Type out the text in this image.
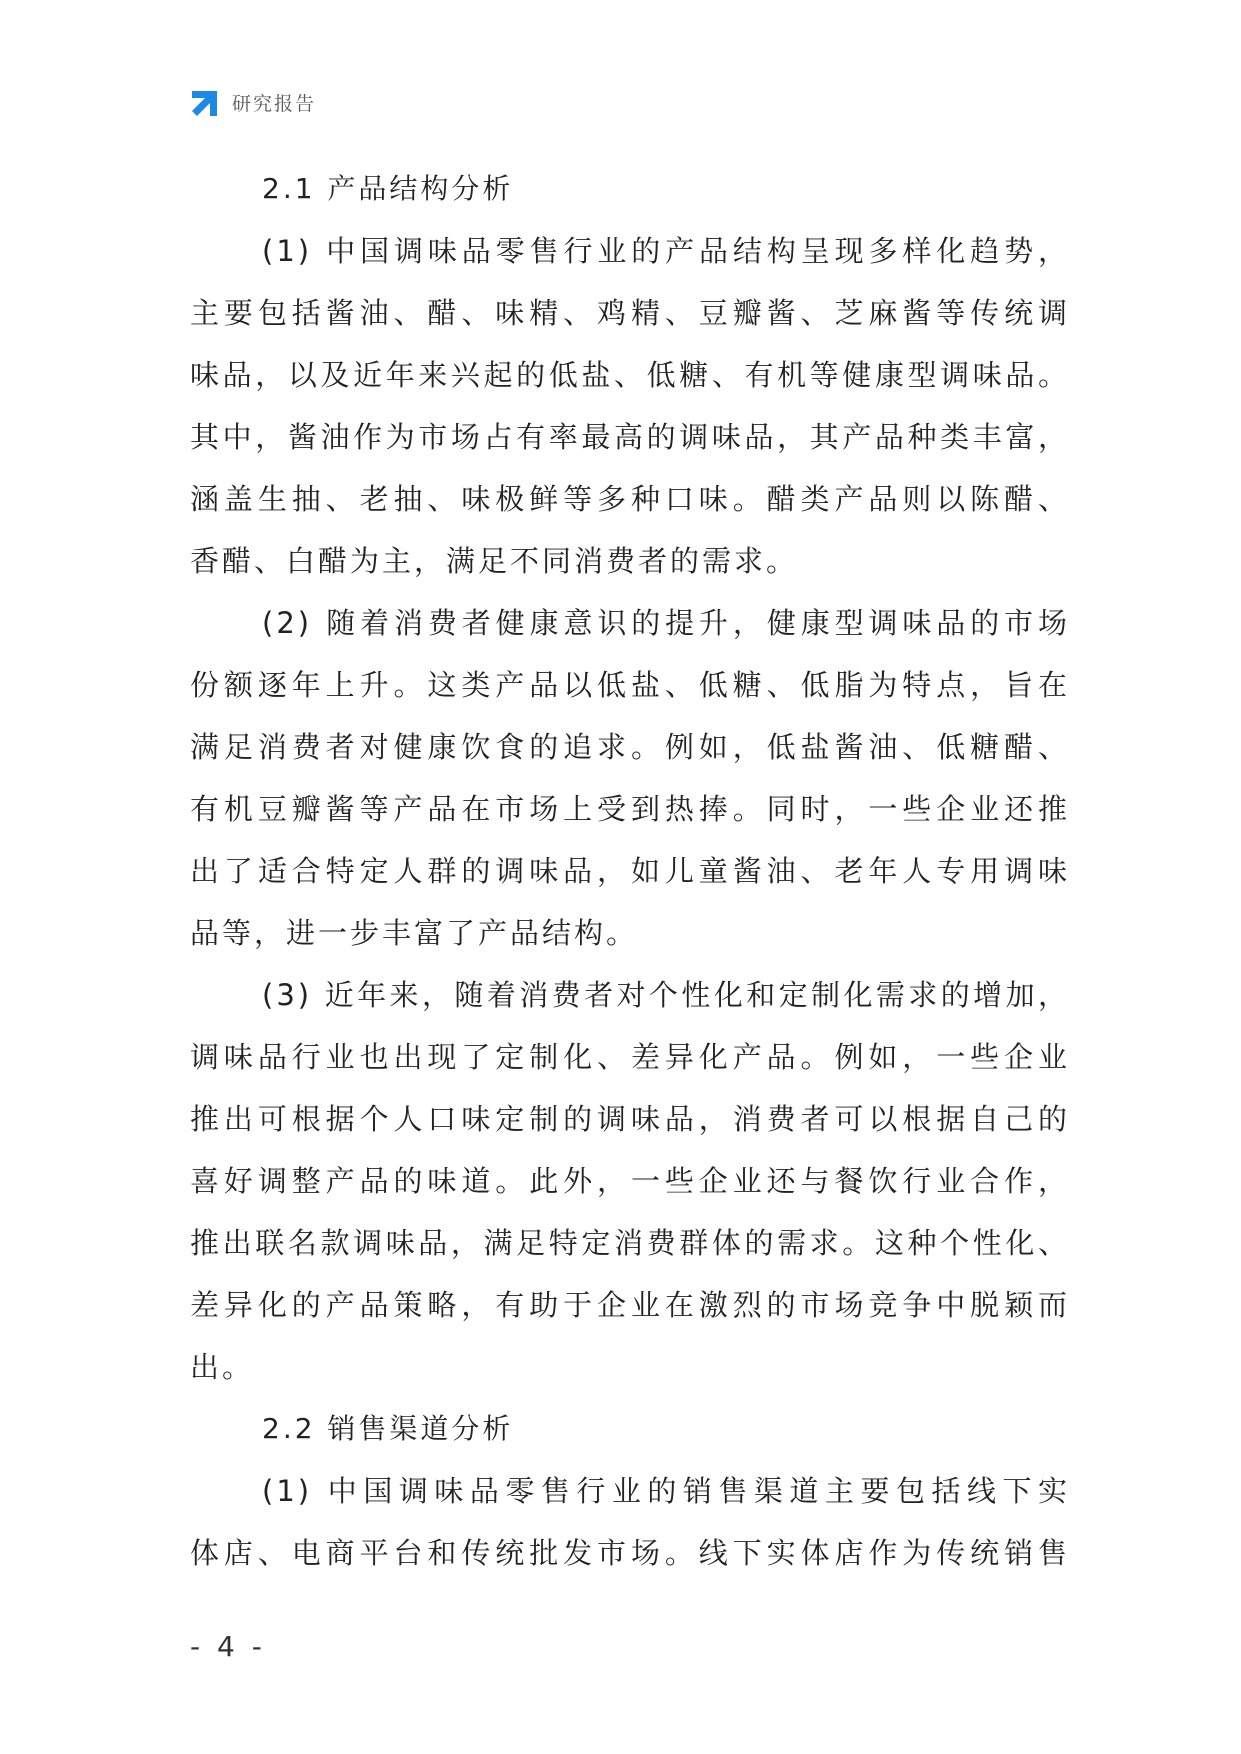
研究报告
2.1 产品结构分析
(1) 中国调味品零售行业的产品结构呈现多样化趋势，
主要包括酱油、醋、味精、鸡精、豆瓣酱、芝麻酱等传统调
味品，以及近年来兴起的低盐、低糖、有机等健康型调味品。
其中，酱油作为市场占有率最高的调味品，其产品种类丰富，
涵盖生抽、老抽、味极鲜等多种口味。醋类产品则以陈醋、
香醋、白醋为主，满足不同消费者的需求。
(2) 随着消费者健康意识的提升，健康型调味品的市场
份额逐年上升。这类产品以低盐、低糖、低脂为特点，旨在
满足消费者对健康饮食的追求。例如，低盐酱油、低糖醋、
有机豆瓣酱等产品在市场上受到热捧。同时，一些企业还推
出了适合特定人群的调味品，如儿童酱油、老年人专用调味
品等，进一步丰富了产品结构。
(3) 近年来，随着消费者对个性化和定制化需求的增加，
调味品行业也出现了定制化、差异化产品。例如，一些企业
推出可根据个人口味定制的调味品，消费者可以根据自己的
喜好调整产品的味道。此外，一些企业还与餐饮行业合作，
推出联名款调味品，满足特定消费群体的需求。这种个性化、
差异化的产品策略，有助于企业在激烈的市场竞争中脱颖而
出。
2.2 销售渠道分析
(1) 中国调味品零售行业的销售渠道主要包括线下实
体店、电商平台和传统批发市场。线下实体店作为传统销售
- 4 -
